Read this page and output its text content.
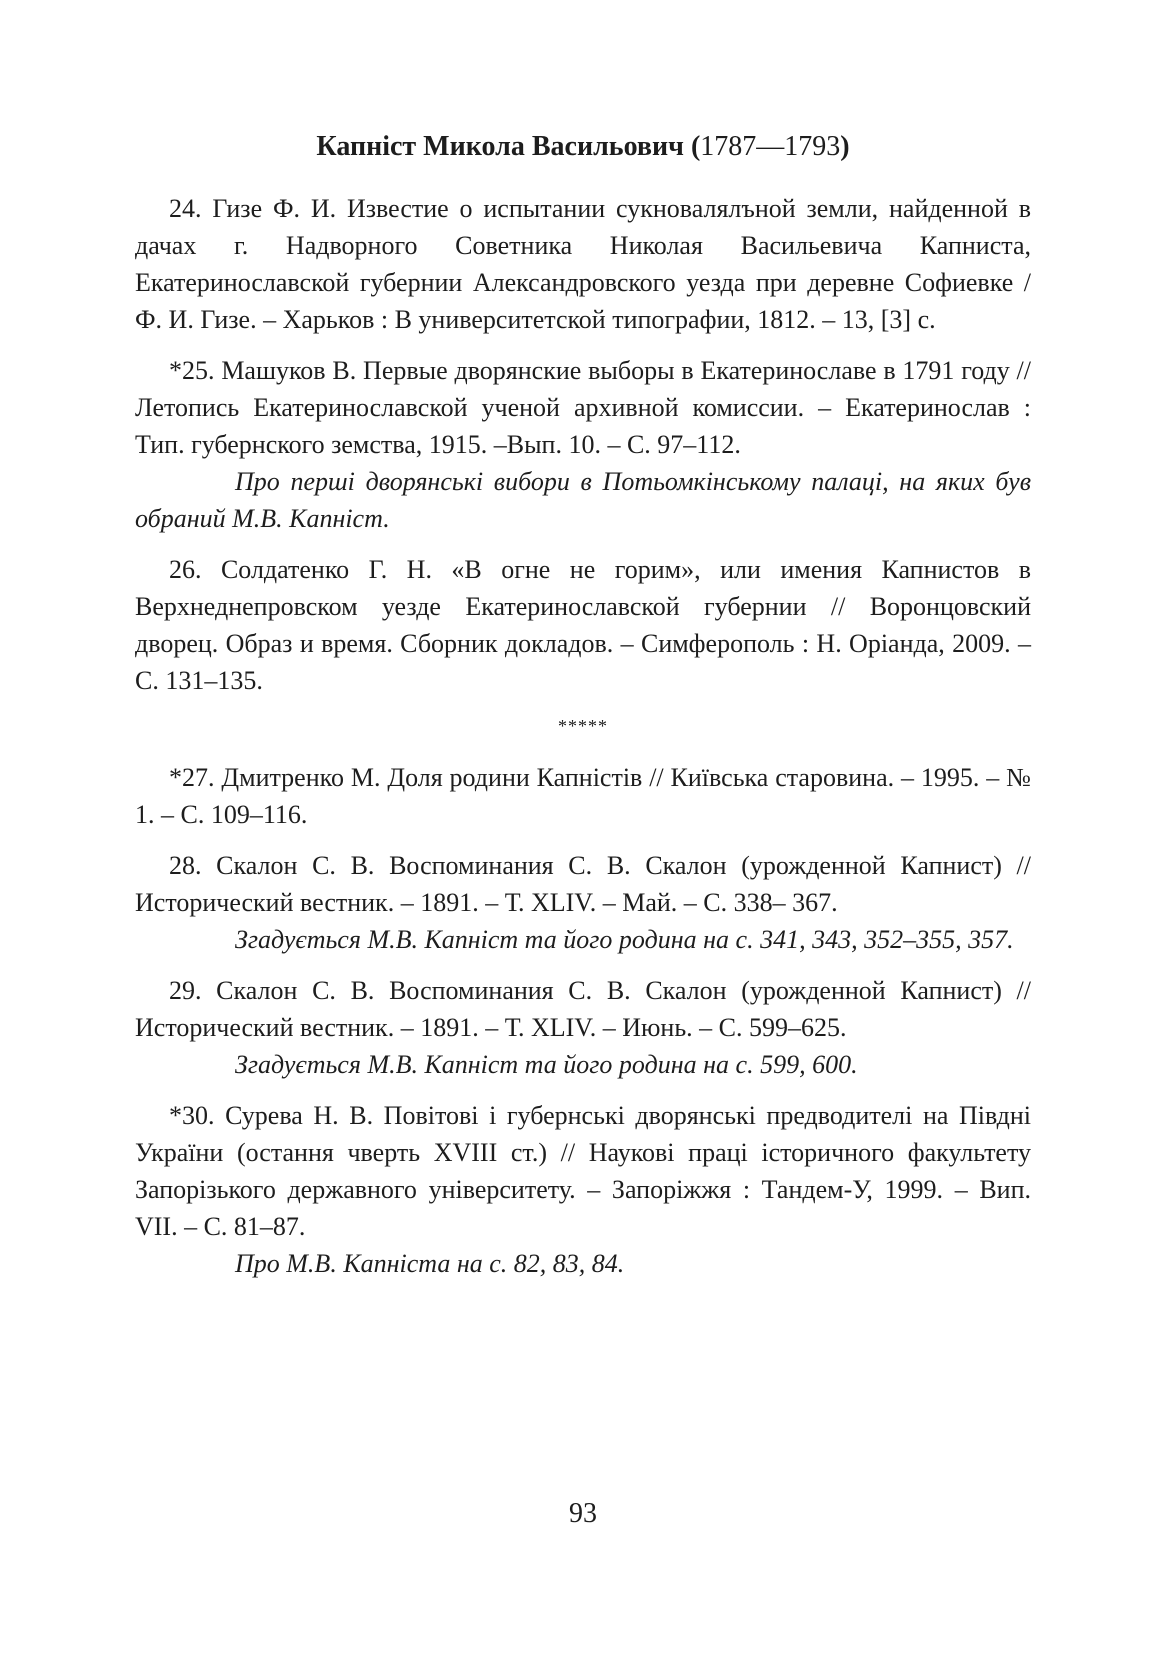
Капніст Микола Васильович (1787—1793)

24. Гизе Ф. И. Известие о испытании сукновалялъной земли, найденной в дачах г. Надворного Советника Николая Васильевича Капниста, Екатеринославской губернии Александровского уезда при деревне Софиевке / Ф. И. Гизе. – Харьков : В университетской типографии, 1812. – 13, [3] с.

*25. Машуков В. Первые дворянские выборы в Екатеринославе в 1791 году // Летопись Екатеринославской ученой архивной комиссии. – Екатеринослав : Тип. губернского земства, 1915. –Вып. 10. – С. 97–112.

Про перші дворянські вибори в Потьомкінському палаці, на яких був обраний М.В. Капніст.

26. Солдатенко Г. Н. «В огне не горим», или имения Капнистов в Верхнеднепровском уезде Екатеринославской губернии // Воронцовский дворец. Образ и время. Сборник докладов. – Симферополь : Н. Оріанда, 2009. – С. 131–135.

*****

*27. Дмитренко М. Доля родини Капністів // Київська старовина. – 1995. – № 1. – С. 109–116.

28. Скалон С. В. Воспоминания С. В. Скалон (урожденной Капнист) // Исторический вестник. – 1891. – Т. XLIV. – Май. – С. 338– 367.

Згадується М.В. Капніст та його родина на с. 341, 343, 352–355, 357.

29. Скалон С. В. Воспоминания С. В. Скалон (урожденной Капнист) // Исторический вестник. – 1891. – Т. XLIV. – Июнь. – С. 599–625.

Згадується М.В. Капніст та його родина на с. 599, 600.

*30. Сурева Н. В. Повітові і губернські дворянські предводителі на Півдні України (остання чверть XVIII ст.) // Наукові праці історичного факультету Запорізького державного університету. – Запоріжжя : Тандем-У, 1999. – Вип. VII. – С. 81–87.

Про М.В. Капніста на с. 82, 83, 84.

93
